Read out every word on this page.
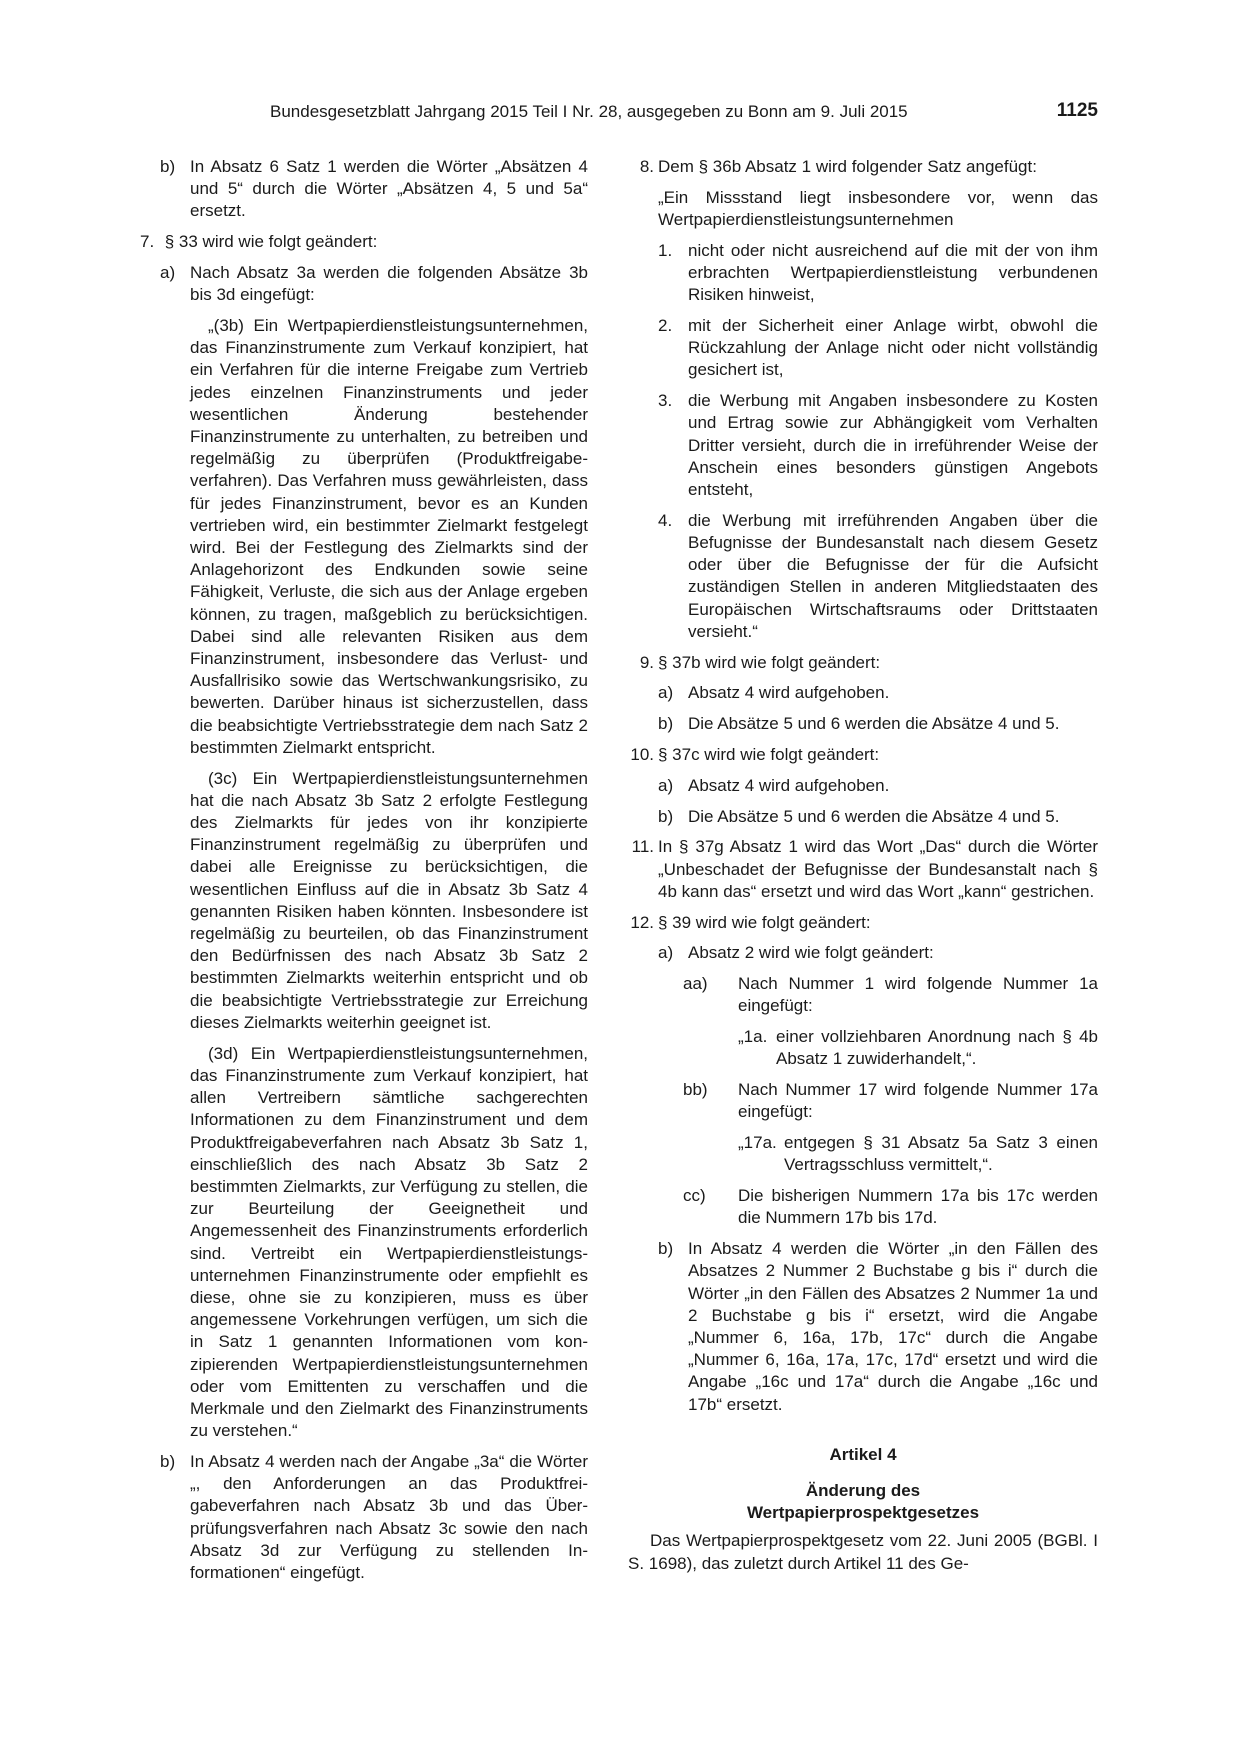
Bundesgesetzblatt Jahrgang 2015 Teil I Nr. 28, ausgegeben zu Bonn am 9. Juli 2015	1125
b) In Absatz 6 Satz 1 werden die Wörter „Absätzen 4 und 5“ durch die Wörter „Absätzen 4, 5 und 5a“ ersetzt.
7. § 33 wird wie folgt geändert:
a) Nach Absatz 3a werden die folgenden Absätze 3b bis 3d eingefügt:

„(3b) Ein Wertpapierdienstleistungsunternehmen, das Finanzinstrumente zum Verkauf konzipiert, hat ein Verfahren für die interne Freigabe zum Vertrieb jedes einzelnen Finanzinstruments und jeder wesentlichen Änderung bestehender Finanzinstrumente zu unterhalten, zu betreiben und regelmäßig zu überprüfen (Produktfreigabeverfahren). Das Verfahren muss gewährleisten, dass für jedes Finanzinstrument, bevor es an Kunden vertrieben wird, ein bestimmter Zielmarkt festgelegt wird. Bei der Festlegung des Zielmarkts sind der Anlagehorizont des Endkunden sowie seine Fähigkeit, Verluste, die sich aus der Anlage ergeben können, zu tragen, maßgeblich zu berücksichtigen. Dabei sind alle relevanten Risiken aus dem Finanzinstrument, insbesondere das Verlust- und Ausfallrisiko sowie das Wertschwankungsrisiko, zu bewerten. Darüber hinaus ist sicherzustellen, dass die beabsichtigte Vertriebsstrategie dem nach Satz 2 bestimmten Zielmarkt entspricht.

(3c) Ein Wertpapierdienstleistungsunternehmen hat die nach Absatz 3b Satz 2 erfolgte Festlegung des Zielmarkts für jedes von ihr konzipierte Finanzinstrument regelmäßig zu überprüfen und dabei alle Ereignisse zu berücksichtigen, die wesentlichen Einfluss auf die in Absatz 3b Satz 4 genannten Risiken haben könnten. Insbesondere ist regelmäßig zu beurteilen, ob das Finanzinstrument den Bedürfnissen des nach Absatz 3b Satz 2 bestimmten Zielmarkts weiterhin entspricht und ob die beabsichtigte Vertriebsstrategie zur Erreichung dieses Zielmarkts weiterhin geeignet ist.

(3d) Ein Wertpapierdienstleistungsunternehmen, das Finanzinstrumente zum Verkauf konzipiert, hat allen Vertreibern sämtliche sachgerechten Informationen zu dem Finanzinstrument und dem Produktfreigabeverfahren nach Absatz 3b Satz 1, einschließlich des nach Absatz 3b Satz 2 bestimmten Zielmarkts, zur Verfügung zu stellen, die zur Beurteilung der Geeignetheit und Angemessenheit des Finanzinstruments erforderlich sind. Vertreibt ein Wertpapierdienstleistungsunternehmen Finanzinstrumente oder empfiehlt es diese, ohne sie zu konzipieren, muss es über angemessene Vorkehrungen verfügen, um sich die in Satz 1 genannten Informationen vom konzipierenden Wertpapierdienstleistungsunternehmen oder vom Emittenten zu verschaffen und die Merkmale und den Zielmarkt des Finanzinstruments zu verstehen.“

b) In Absatz 4 werden nach der Angabe „3a“ die Wörter „, den Anforderungen an das Produktfreigabeverfahren nach Absatz 3b und das Überprüfungsverfahren nach Absatz 3c sowie den nach Absatz 3d zur Verfügung zu stellenden Informationen“ eingefügt.
8. Dem § 36b Absatz 1 wird folgender Satz angefügt:

„Ein Missstand liegt insbesondere vor, wenn das Wertpapierdienstleistungsunternehmen

1. nicht oder nicht ausreichend auf die mit der von ihm erbrachten Wertpapierdienstleistung verbundenen Risiken hinweist,
2. mit der Sicherheit einer Anlage wirbt, obwohl die Rückzahlung der Anlage nicht oder nicht vollständig gesichert ist,
3. die Werbung mit Angaben insbesondere zu Kosten und Ertrag sowie zur Abhängigkeit vom Verhalten Dritter versieht, durch die in irreführender Weise der Anschein eines besonders günstigen Angebots entsteht,
4. die Werbung mit irreführenden Angaben über die Befugnisse der Bundesanstalt nach diesem Gesetz oder über die Befugnisse der für die Aufsicht zuständigen Stellen in anderen Mitgliedstaaten des Europäischen Wirtschaftsraums oder Drittstaaten versieht.“
9. § 37b wird wie folgt geändert:
a) Absatz 4 wird aufgehoben.
b) Die Absätze 5 und 6 werden die Absätze 4 und 5.
10. § 37c wird wie folgt geändert:
a) Absatz 4 wird aufgehoben.
b) Die Absätze 5 und 6 werden die Absätze 4 und 5.
11. In § 37g Absatz 1 wird das Wort „Das“ durch die Wörter „Unbeschadet der Befugnisse der Bundesanstalt nach § 4b kann das“ ersetzt und wird das Wort „kann“ gestrichen.
12. § 39 wird wie folgt geändert:
a) Absatz 2 wird wie folgt geändert:
aa) Nach Nummer 1 wird folgende Nummer 1a eingefügt:
„1a. einer vollziehbaren Anordnung nach § 4b Absatz 1 zuwiderhandelt,“.
bb) Nach Nummer 17 wird folgende Nummer 17a eingefügt:
„17a. entgegen § 31 Absatz 5a Satz 3 einen Vertragsschluss vermittelt,“.
cc) Die bisherigen Nummern 17a bis 17c werden die Nummern 17b bis 17d.
b) In Absatz 4 werden die Wörter „in den Fällen des Absatzes 2 Nummer 2 Buchstabe g bis i“ durch die Wörter „in den Fällen des Absatzes 2 Nummer 1a und 2 Buchstabe g bis i“ ersetzt, wird die Angabe „Nummer 6, 16a, 17b, 17c“ durch die Angabe „Nummer 6, 16a, 17a, 17c, 17d“ ersetzt und wird die Angabe „16c und 17a“ durch die Angabe „16c und 17b“ ersetzt.

Artikel 4

Änderung des

Wertpapierprospektgesetzes

Das Wertpapierprospektgesetz vom 22. Juni 2005 (BGBl. I S. 1698), das zuletzt durch Artikel 11 des Ge-
